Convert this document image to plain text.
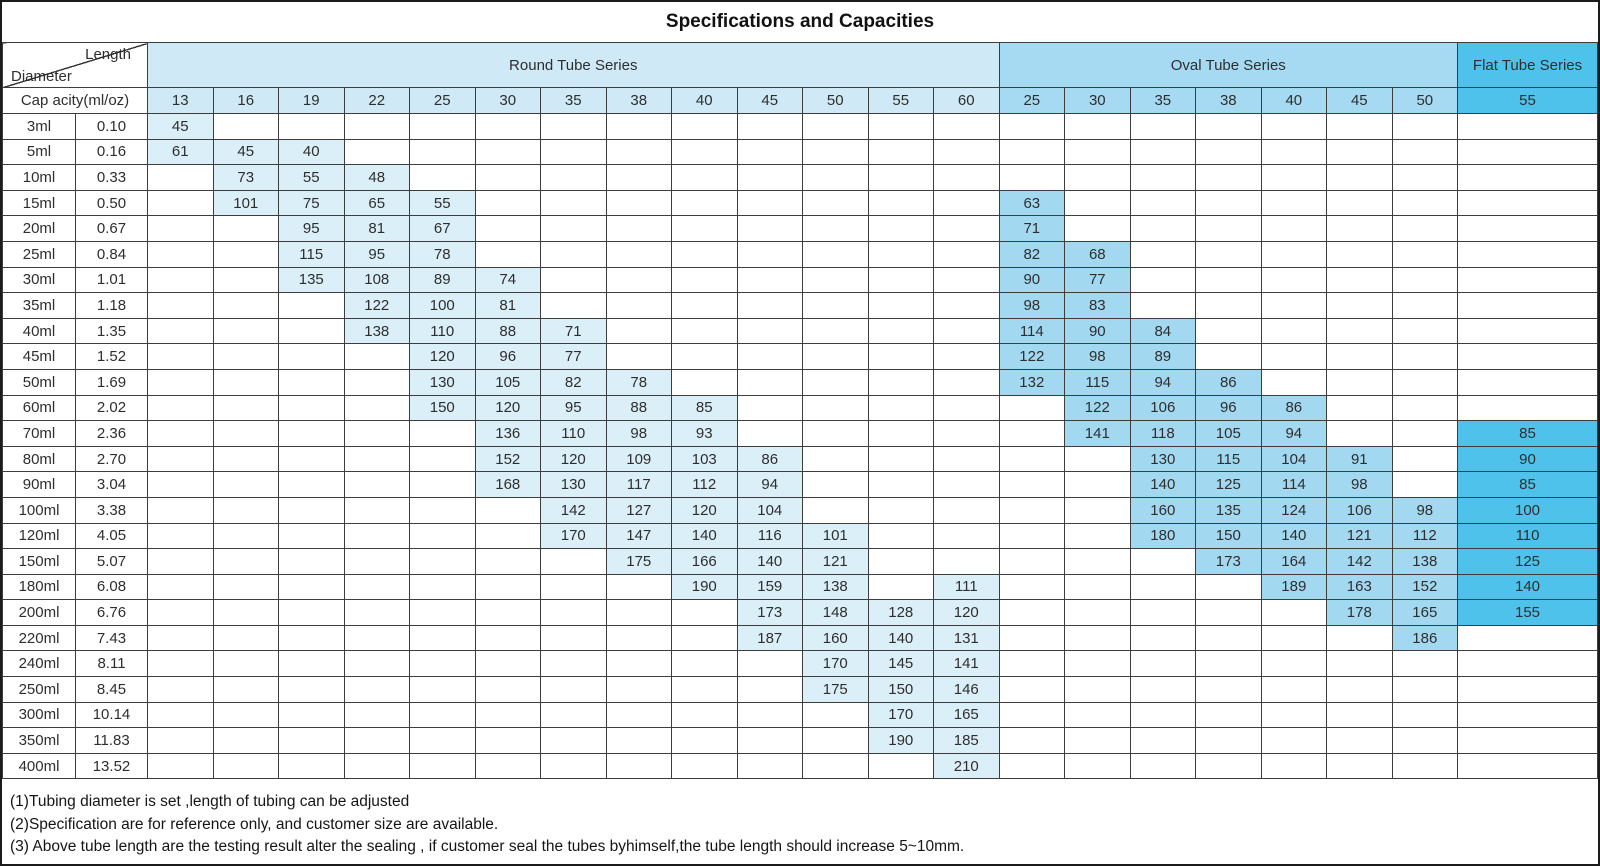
Specifications and Capacities
Length
Diameter		Round Tube Series													Oval Tube Series							Flat Tube Series
Cap acity(ml/oz)		13	16	19	22	25	30	35	38	40	45	50	55	60	25	30	35	38	40	45	50	55
3ml	0.10	45																				
5ml	0.16	61	45	40																		
10ml	0.33		73	55	48																	
15ml	0.50		101	75	65	55									63							
20ml	0.67			95	81	67									71							
25ml	0.84			115	95	78									82	68						
30ml	1.01			135	108	89	74								90	77						
35ml	1.18				122	100	81								98	83						
40ml	1.35				138	110	88	71							114	90	84					
45ml	1.52					120	96	77							122	98	89					
50ml	1.69					130	105	82	78						132	115	94	86				
60ml	2.02					150	120	95	88	85						122	106	96	86			
70ml	2.36						136	110	98	93						141	118	105	94			85
80ml	2.70						152	120	109	103	86						130	115	104	91		90
90ml	3.04						168	130	117	112	94						140	125	114	98		85
100ml	3.38							142	127	120	104						160	135	124	106	98	100
120ml	4.05							170	147	140	116	101					180	150	140	121	112	110
150ml	5.07								175	166	140	121						173	164	142	138	125
180ml	6.08									190	159	138		111					189	163	152	140
200ml	6.76										173	148	128	120						178	165	155
220ml	7.43										187	160	140	131							186	
240ml	8.11											170	145	141								
250ml	8.45											175	150	146								
300ml	10.14												170	165								
350ml	11.83												190	185								
400ml	13.52													210								
(1)Tubing diameter is set ,length of tubing can be adjusted
(2)Specification are for reference only, and customer size are available.
(3) Above tube length are the testing result alter the sealing , if customer seal the tubes byhimself,the tube length should increase 5~10mm.
